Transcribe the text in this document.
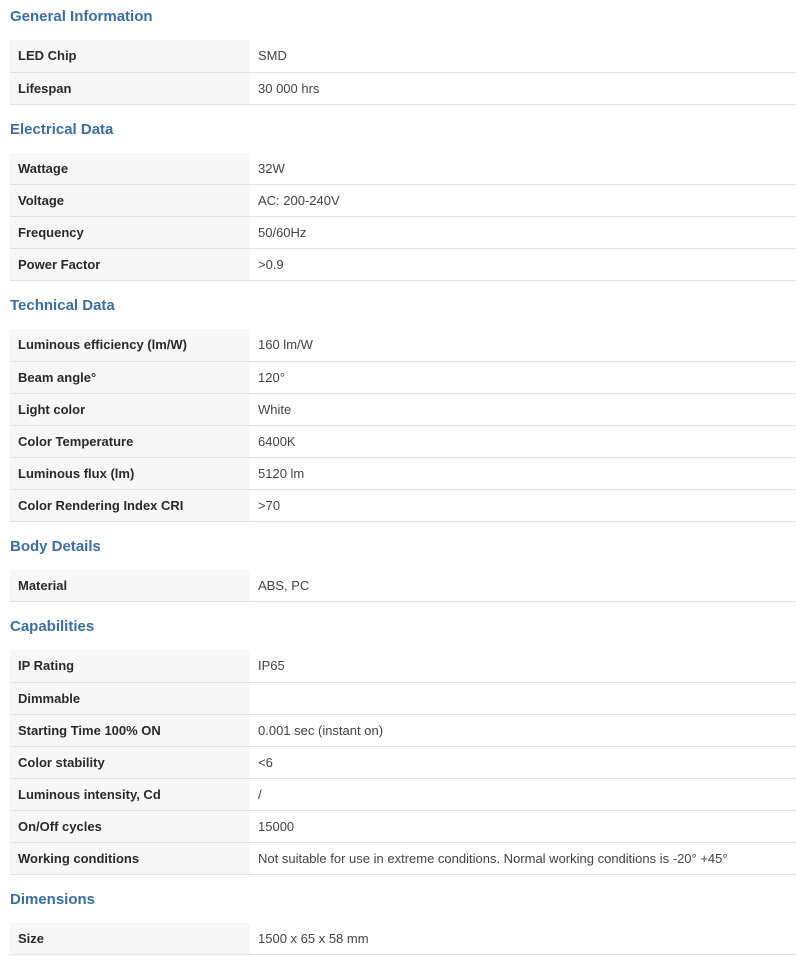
General Information
LED Chip	SMD
Lifespan	30 000 hrs
Electrical Data
Wattage	32W
Voltage	AC: 200-240V
Frequency	50/60Hz
Power Factor	>0.9
Technical Data
Luminous efficiency (lm/W)	160 lm/W
Beam angle°	120°
Light color	White
Color Temperature	6400K
Luminous flux (lm)	5120 lm
Color Rendering Index CRI	>70
Body Details
Material	ABS, PC
Capabilities
IP Rating	IP65
Dimmable	
Starting Time 100% ON	0.001 sec (instant on)
Color stability	<6
Luminous intensity, Cd	/
On/Off cycles	15000
Working conditions	Not suitable for use in extreme conditions. Normal working conditions is -20° +45°
Dimensions
Size	1500 x 65 x 58 mm
